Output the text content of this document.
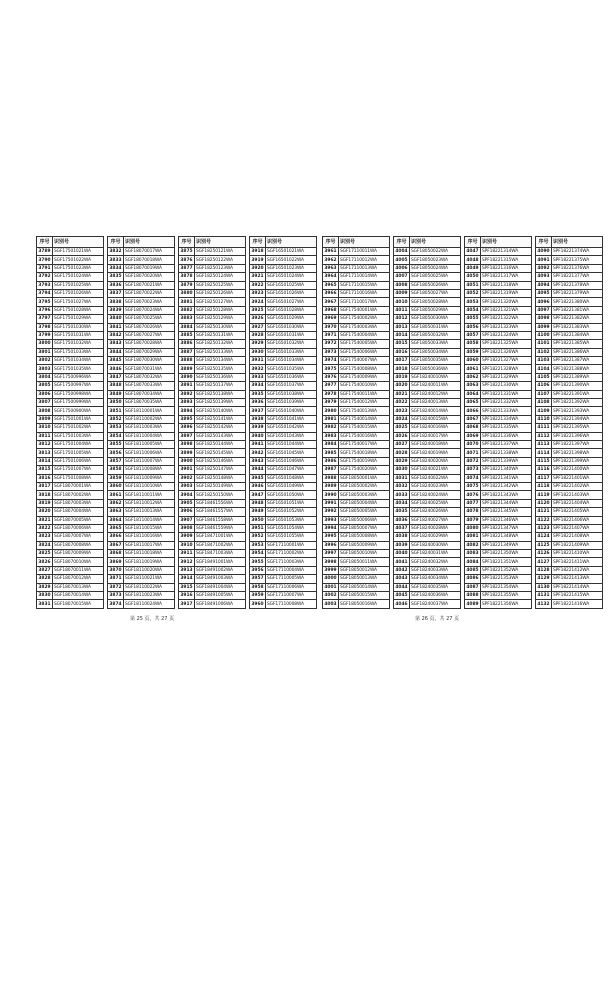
序号	识别号
3789	SGF17501021WA
3790	SGF17501022WA
3791	SGF17501023WA
3792	SGF17501024WA
3793	SGF17501025WA
3794	SGF17501026WA
3795	SGF17501027WA
3796	SGF17501028WA
3797	SGF17501029WA
3798	SGF17501030WA
3799	SGF17501031WA
3800	SGF17501032WA
3801	SGF17501033WA
3802	SGF17501034WA
3803	SGF17501035WA
3804	SGF17500996WA
3805	SGF17500997WA
3806	SGF17500998WA
3807	SGF17500999WA
3808	SGF17500900WA
3809	SGF17501001WA
3810	SGF17501002WA
3811	SGF17501003WA
3812	SGF17501004WA
3813	SGF17501005WA
3814	SGF17501006WA
3815	SGF17501007WA
3816	SGF17501008WA
3817	SGF18070001WA
3818	SGF18070002WA
3819	SGF18070003WA
3820	SGF18070004WA
3821	SGF18070005WA
3822	SGF18070006WA
3823	SGF18070007WA
3824	SGF18070008WA
3825	SGF18070009WA
3826	SGF18070010WA
3827	SGF18070011WA
3828	SGF18070012WA
3829	SGF18070013WA
3830	SGF18070014WA
3831	SGF18070015WA
序号	识别号
3832	SGF18070017WA
3833	SGF18070018WA
3834	SGF18070019WA
3835	SGF18070020WA
3836	SGF18070021WA
3837	SGF18070022WA
3838	SGF18070023WA
3839	SGF18070024WA
3840	SGF18070025WA
3841	SGF18070026WA
3842	SGF18070027WA
3843	SGF18070028WA
3844	SGF18070029WA
3845	SGF18070030WA
3846	SGF18070031WA
3847	SGF18070032WA
3848	SGF18070033WA
3849	SGF18070034WA
3850	SGF18070035WA
3851	SGF18110001WA
3852	SGF18110002WA
3853	SGF18110003WA
3854	SGF18110004WA
3855	SGF18110005WA
3856	SGF18110006WA
3857	SGF18110007WA
3858	SGF18110008WA
3859	SGF18110009WA
3860	SGF18110010WA
3861	SGF18110011WA
3862	SGF18110012WA
3863	SGF18110013WA
3864	SGF18110014WA
3865	SGF18110015WA
3866	SGF18110016WA
3867	SGF18110017WA
3868	SGF18110018WA
3869	SGF18110019WA
3870	SGF18110020WA
3871	SGF18110021WA
3872	SGF18110022WA
3873	SGF18110023WA
3874	SGF18110024WA
序号	识别号
3875	SGF18250121WA
3876	SGF18250122WA
3877	SGF18250123WA
3878	SGF18250124WA
3879	SGF18250125WA
3880	SGF18250126WA
3881	SGF18250127WA
3882	SGF18250128WA
3883	SGF18250129WA
3884	SGF18250130WA
3885	SGF18250131WA
3886	SGF18250132WA
3887	SGF18250133WA
3888	SGF18250134WA
3889	SGF18250135WA
3890	SGF18250136WA
3891	SGF18250137WA
3892	SGF18250138WA
3893	SGF18250139WA
3894	SGF18250140WA
3895	SGF18250141WA
3896	SGF18250142WA
3897	SGF18250143WA
3898	SGF18250144WA
3899	SGF18250145WA
3900	SGF18250146WA
3901	SGF18250147WA
3902	SGF18250148WA
3903	SGF18250149WA
3904	SGF18250150WA
3905	SGF18461556WA
3906	SGF18461557WA
3907	SGF18461558WA
3908	SGF18461559WA
3909	SGF18471001WA
3910	SGF18471002WA
3911	SGF18471003WA
3912	SGF18491001WA
3913	SGF18491002WA
3914	SGF18491003WA
3915	SGF18491004WA
3916	SGF18491005WA
3917	SGF18491006WA
序号	识别号
3918	SGF16501021WA
3919	SGF16501022WA
3920	SGF16501023WA
3921	SGF16501024WA
3922	SGF16501025WA
3923	SGF16501026WA
3924	SGF16501027WA
3925	SGF16501028WA
3926	SGF16501029WA
3927	SGF16501030WA
3928	SGF16501031WA
3929	SGF16501032WA
3930	SGF16501033WA
3931	SGF16501034WA
3932	SGF16501035WA
3933	SGF16501036WA
3934	SGF16501037WA
3935	SGF16501038WA
3936	SGF16501039WA
3937	SGF16501040WA
3938	SGF16501041WA
3939	SGF16501042WA
3940	SGF16501043WA
3941	SGF16501044WA
3942	SGF16501045WA
3943	SGF16501046WA
3944	SGF16501047WA
3945	SGF16501048WA
3946	SGF16501049WA
3947	SGF16501050WA
3948	SGF16501051WA
3949	SGF16501052WA
3950	SGF16501053WA
3951	SGF16501054WA
3952	SGF16501055WA
3953	SGF17110001WA
3954	SGF17110002WA
3955	SGF17110003WA
3956	SGF17110004WA
3957	SGF17110005WA
3958	SGF17110006WA
3959	SGF17110007WA
3960	SGF17110008WA
第 25 页，共 27 页
序号	识别号
3961	SGF17110011WA
3962	SGF17110012WA
3963	SGF17110013WA
3964	SGF17110014WA
3965	SGF17110015WA
3966	SGF17110016WA
3967	SGF17110017WA
3968	SGF17540001WA
3969	SGF17540002WA
3970	SGF17540003WA
3971	SGF17540004WA
3972	SGF17540005WA
3973	SGF17540006WA
3974	SGF17540007WA
3975	SGF17540008WA
3976	SGF17540009WA
3977	SGF17540010WA
3978	SGF17540011WA
3979	SGF17540012WA
3980	SGF17540013WA
3981	SGF17540014WA
3982	SGF17540015WA
3983	SGF17540016WA
3984	SGF17540017WA
3985	SGF17540018WA
3986	SGF17540019WA
3987	SGF17540020WA
3988	SGF18050001WA
3989	SGF18050002WA
3990	SGF18050003WA
3991	SGF18050004WA
3992	SGF18050005WA
3993	SGF18050006WA
3994	SGF18050007WA
3995	SGF18050008WA
3996	SGF18050009WA
3997	SGF18050010WA
3998	SGF18050011WA
3999	SGF18050012WA
4000	SGF18050013WA
4001	SGF18050014WA
4002	SGF18050015WA
4003	SGF18050016WA
序号	识别号
4004	SGF18050022WA
4005	SGF18050023WA
4006	SGF18050024WA
4007	SGF18050025WA
4008	SGF18050026WA
4009	SGF18050027WA
4010	SGF18050028WA
4011	SGF18050029WA
4012	SGF18050030WA
4013	SGF18050031WA
4014	SGF18050032WA
4015	SGF18050033WA
4016	SGF18050034WA
4017	SGF18050035WA
4018	SGF18050036WA
4019	SGF18240010WA
4020	SGF18240011WA
4021	SGF18240012WA
4022	SGF18240013WA
4023	SGF18240014WA
4024	SGF18240015WA
4025	SGF18240016WA
4026	SGF18240017WA
4027	SGF18240018WA
4028	SGF18240019WA
4029	SGF18240020WA
4030	SGF18240021WA
4031	SGF18240022WA
4032	SGF18240023WA
4033	SGF18240024WA
4034	SGF18240025WA
4035	SGF18240026WA
4036	SGF18240027WA
4037	SGF18240028WA
4038	SGF18240029WA
4039	SGF18240030WA
4040	SGF18240031WA
4041	SGF18240032WA
4042	SGF18240033WA
4043	SGF18240034WA
4044	SGF18240035WA
4045	SGF18240036WA
4046	SGF18240037WA
序号	识别号
4047	SPF18221314WA
4048	SPF18221315WA
4049	SPF18221316WA
4050	SPF18221317WA
4051	SPF18221318WA
4052	SPF18221319WA
4053	SPF18221320WA
4054	SPF18221321WA
4055	SPF18221322WA
4056	SPF18221323WA
4057	SPF18221324WA
4058	SPF18221325WA
4059	SPF18221326WA
4060	SPF18221327WA
4061	SPF18221328WA
4062	SPF18221329WA
4063	SPF18221330WA
4064	SPF18221331WA
4065	SPF18221332WA
4066	SPF18221333WA
4067	SPF18221334WA
4068	SPF18221335WA
4069	SPF18221336WA
4070	SPF18221337WA
4071	SPF18221338WA
4072	SPF18221339WA
4073	SPF18221340WA
4074	SPF18221341WA
4075	SPF18221342WA
4076	SPF18221343WA
4077	SPF18221344WA
4078	SPF18221345WA
4079	SPF18221346WA
4080	SPF18221347WA
4081	SPF18221348WA
4082	SPF18221349WA
4083	SPF18221350WA
4084	SPF18221351WA
4085	SPF18221352WA
4086	SPF18221353WA
4087	SPF18221354WA
4088	SPF18221355WA
4089	SPF18221356WA
序号	识别号
4090	SPF18221374WA
4091	SPF18221375WA
4092	SPF18221376WA
4093	SPF18221377WA
4094	SPF18221378WA
4095	SPF18221379WA
4096	SPF18221380WA
4097	SPF18221381WA
4098	SPF18221382WA
4099	SPF18221383WA
4100	SPF18221384WA
4101	SPF18221385WA
4102	SPF18221386WA
4103	SPF18221387WA
4104	SPF18221388WA
4105	SPF18221389WA
4106	SPF18221390WA
4107	SPF18221391WA
4108	SPF18221392WA
4109	SPF18221393WA
4110	SPF18221394WA
4111	SPF18221395WA
4112	SPF18221396WA
4113	SPF18221397WA
4114	SPF18221398WA
4115	SPF18221399WA
4116	SPF18221400WA
4117	SPF18221401WA
4118	SPF18221402WA
4119	SPF18221403WA
4120	SPF18221404WA
4121	SPF18221405WA
4122	SPF18221406WA
4123	SPF18221407WA
4124	SPF18221408WA
4125	SPF18221409WA
4126	SPF18221410WA
4127	SPF18221411WA
4128	SPF18221412WA
4129	SPF18221413WA
4130	SPF18221414WA
4131	SPF18221415WA
4132	SPF18221416WA
第 26 页，共 27 页
